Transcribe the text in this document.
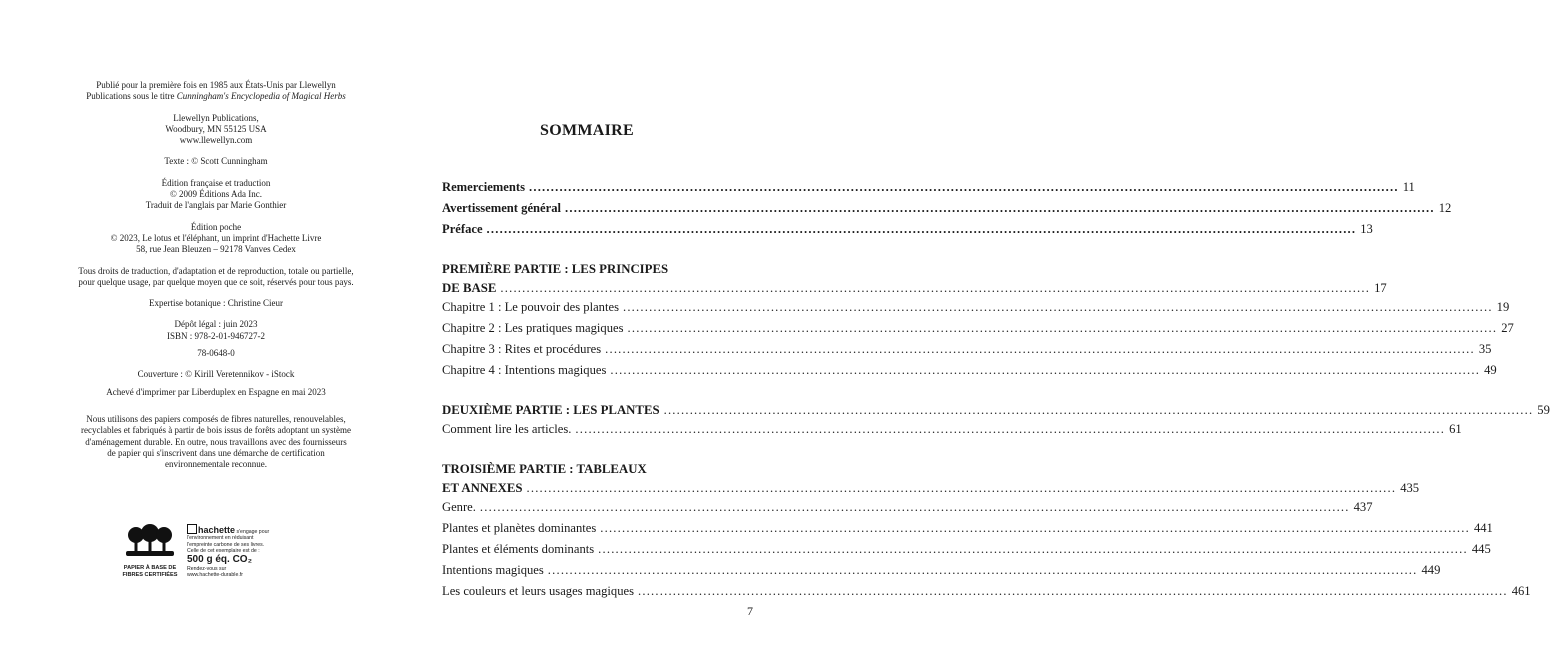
Publié pour la première fois en 1985 aux États-Unis par Llewellyn

Publications sous le titre Cunningham's Encyclopedia of Magical Herbs

Llewellyn Publications,

Woodbury, MN 55125 USA

www.llewellyn.com

Texte : © Scott Cunningham

Édition française et traduction

© 2009 Éditions Ada Inc.

Traduit de l'anglais par Marie Gonthier

Édition poche

© 2023, Le lotus et l'éléphant, un imprint d'Hachette Livre

58, rue Jean Bleuzen – 92178 Vanves Cedex

Tous droits de traduction, d'adaptation et de reproduction, totale ou partielle,

pour quelque usage, par quelque moyen que ce soit, réservés pour tous pays.

Expertise botanique : Christine Cieur

Dépôt légal : juin 2023

ISBN : 978-2-01-946727-2

78-0648-0

Couverture : © Kirill Veretennikov - iStock

Achevé d'imprimer par Liberduplex en Espagne en mai 2023

Nous utilisons des papiers composés de fibres naturelles, renouvelables,

recyclables et fabriqués à partir de bois issus de forêts adoptant un système

d'aménagement durable. En outre, nous travaillons avec des fournisseurs

de papier qui s'inscrivent dans une démarche de certification

environnementale reconnue.

PAPIER À BASE DE
FIBRES CERTIFIÉES
hachette s'engage pour
l'environnement en réduisant
l'empreinte carbone de ses livres.
Celle de cet exemplaire est de :
500 g éq. CO₂
Rendez-vous sur
www.hachette-durable.fr
SOMMAIRE
Remerciements ........................................................................................................................................................................................................ 11
Avertissement général ........................................................................................................................................................................................................ 12
Préface ........................................................................................................................................................................................................ 13
PREMIÈRE PARTIE : LES PRINCIPES
DE BASE ........................................................................................................................................................................................................ 17
Chapitre 1 : Le pouvoir des plantes ........................................................................................................................................................................................................ 19
Chapitre 2 : Les pratiques magiques ........................................................................................................................................................................................................ 27
Chapitre 3 : Rites et procédures ........................................................................................................................................................................................................ 35
Chapitre 4 : Intentions magiques ........................................................................................................................................................................................................ 49
DEUXIÈME PARTIE : LES PLANTES ........................................................................................................................................................................................................ 59
Comment lire les articles. ........................................................................................................................................................................................................ 61
TROISIÈME PARTIE : TABLEAUX
ET ANNEXES ........................................................................................................................................................................................................ 435
Genre. ........................................................................................................................................................................................................ 437
Plantes et planètes dominantes ........................................................................................................................................................................................................ 441
Plantes et éléments dominants ........................................................................................................................................................................................................ 445
Intentions magiques ........................................................................................................................................................................................................ 449
Les couleurs et leurs usages magiques ........................................................................................................................................................................................................ 461
7
